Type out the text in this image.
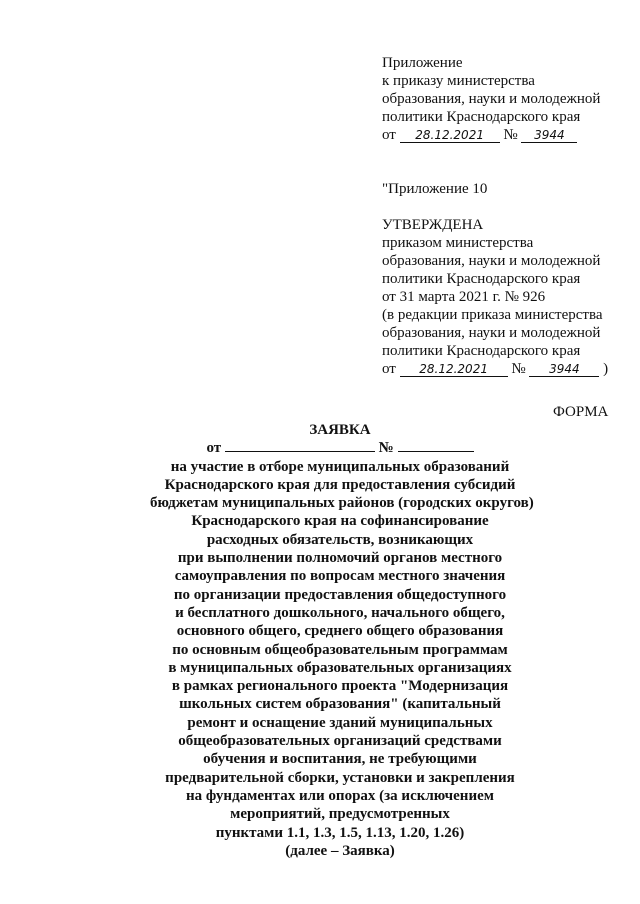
Приложение
к приказу министерства
образования, науки и молодежной
политики Краснодарского края
от 28.12.2021 № 3944
"Приложение 10
УТВЕРЖДЕНА
приказом министерства
образования, науки и молодежной
политики Краснодарского края
от 31 марта 2021 г. № 926
(в редакции приказа министерства
образования, науки и молодежной
политики Краснодарского края
от 28.12.2021 № 3944 )
ФОРМА
ЗАЯВКА
от	№
на участие в отборе муниципальных образований
Краснодарского края для предоставления субсидий
бюджетам муниципальных районов (городских округов)
Краснодарского края на софинансирование
расходных обязательств, возникающих
при выполнении полномочий органов местного
самоуправления по вопросам местного значения
по организации предоставления общедоступного
и бесплатного дошкольного, начального общего,
основного общего, среднего общего образования
по основным общеобразовательным программам
в муниципальных образовательных организациях
в рамках регионального проекта "Модернизация
школьных систем образования" (капитальный
ремонт и оснащение зданий муниципальных
общеобразовательных организаций средствами
обучения и воспитания, не требующими
предварительной сборки, установки и закрепления
на фундаментах или опорах (за исключением
мероприятий, предусмотренных
пунктами 1.1, 1.3, 1.5, 1.13, 1.20, 1.26)
(далее – Заявка)
